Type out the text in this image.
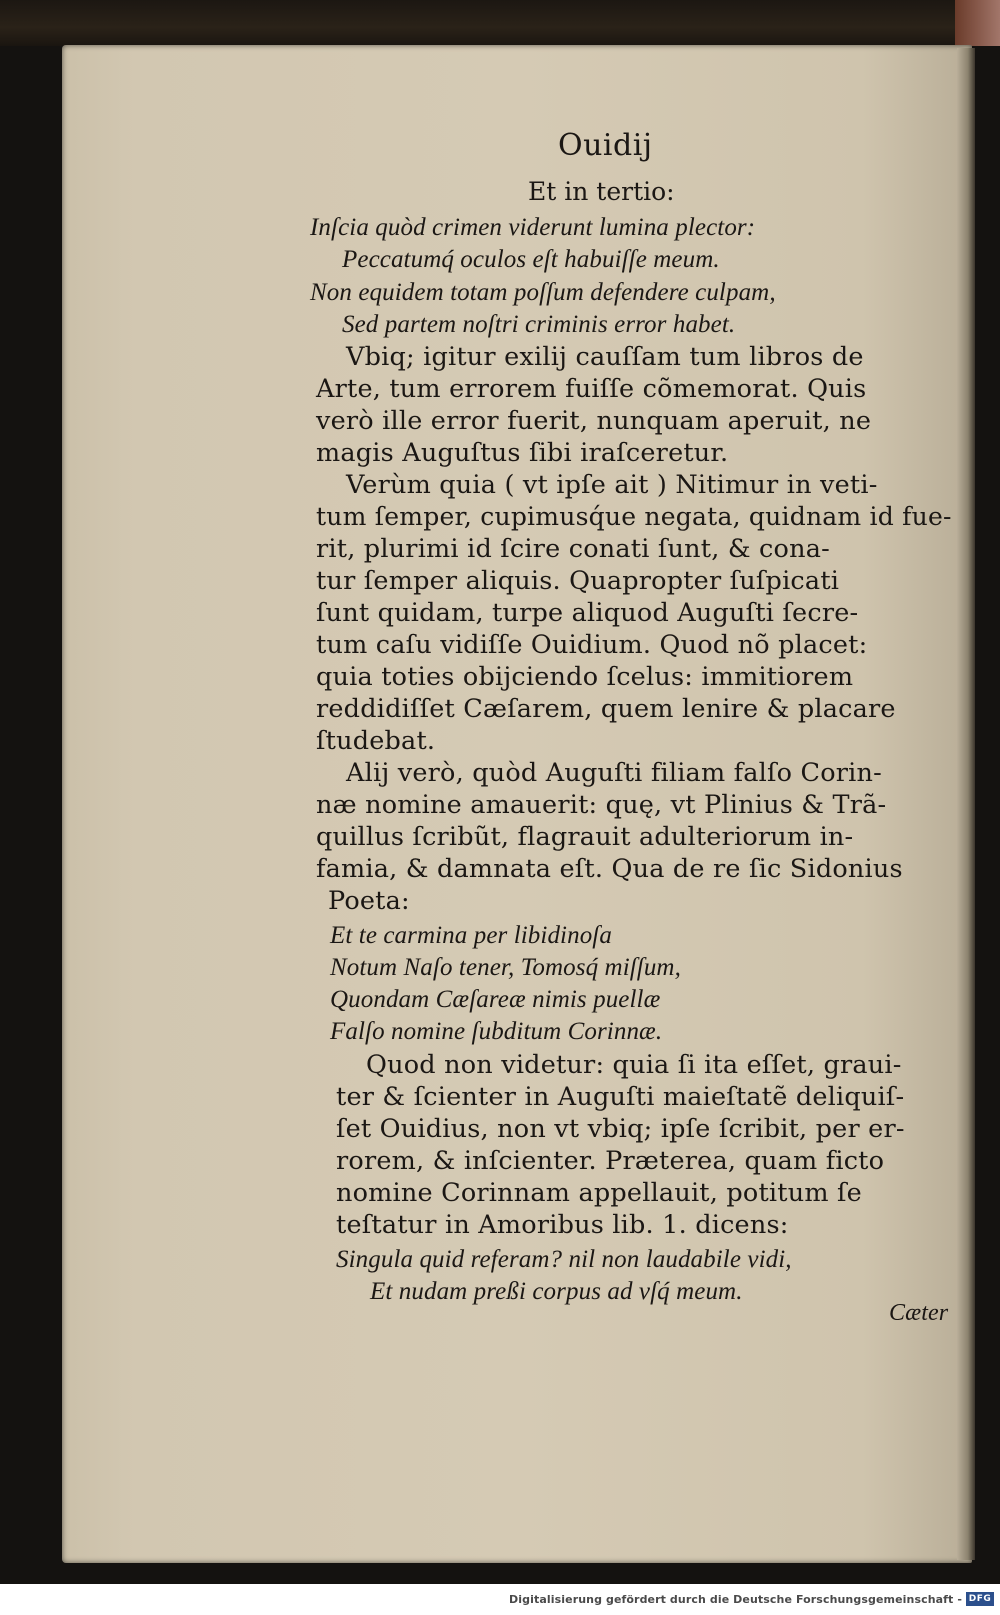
Ouidij
Et in tertio:
Inſcia quòd crimen viderunt lumina plector:
Peccatumq́ oculos eſt habuiſſe meum.
Non equidem totam poſſum defendere culpam,
Sed partem noſtri criminis error habet.
Vbiq; igitur exilij cauſſam tum libros de
Arte, tum errorem fuiſſe cõmemorat. Quis
verò ille error fuerit, nunquam aperuit, ne
magis Auguſtus ſibi iraſceretur.
Verùm quia ( vt ipſe ait ) Nitimur in veti-
tum ſemper, cupimusq́ue negata, quidnam id fue-
rit, plurimi id ſcire conati ſunt, & cona-
tur ſemper aliquis. Quapropter ſuſpicati
ſunt quidam, turpe aliquod Auguſti ſecre-
tum caſu vidiſſe Ouidium. Quod nõ placet:
quia toties obijciendo ſcelus: immitiorem
reddidiſſet Cæſarem, quem lenire & placare
ſtudebat.
Alij verò, quòd Auguſti filiam falſo Corin-
næ nomine amauerit: quę, vt Plinius & Trã-
quillus ſcribũt, flagrauit adulteriorum in-
famia, & damnata eſt. Qua de re ſic Sidonius
Poeta:
Et te carmina per libidinoſa
Notum Naſo tener, Tomosq́ miſſum,
Quondam Cæſareæ nimis puellæ
Falſo nomine ſubditum Corinnæ.
Quod non videtur: quia ſi ita eſſet, graui-
ter & ſcienter in Auguſti maieſtatẽ deliquiſ-
ſet Ouidius, non vt vbiq; ipſe ſcribit, per er-
rorem, & inſcienter. Præterea, quam ficto
nomine Corinnam appellauit, potitum ſe
teſtatur in Amoribus lib. 1. dicens:
Singula quid referam? nil non laudabile vidi,
Et nudam preßi corpus ad vſq́ meum.
Cæter
Digitalisierung gefördert durch die Deutsche Forschungsgemeinschaft - DFG
